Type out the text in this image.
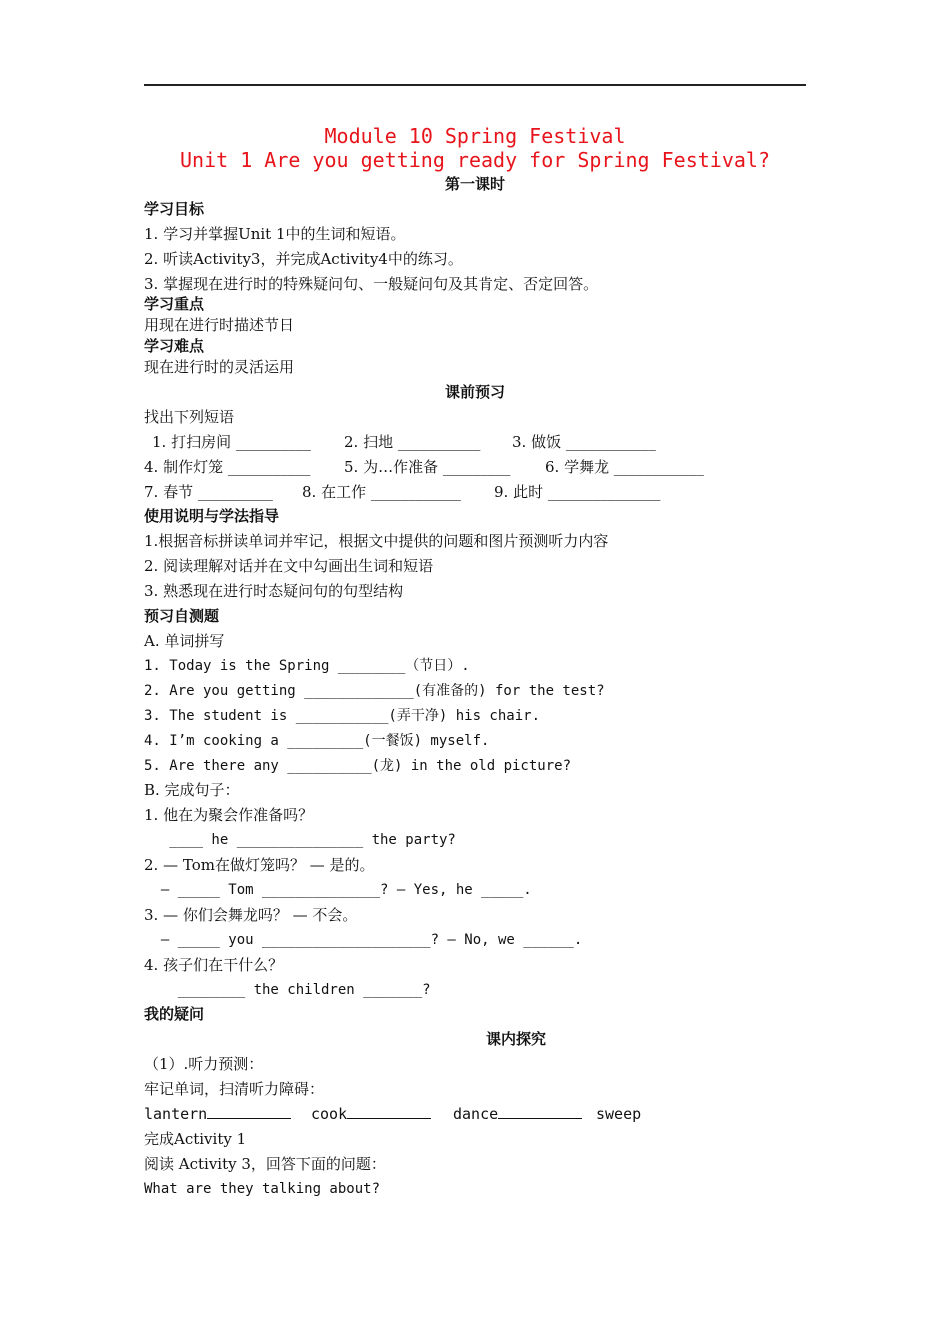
Module 10 Spring Festival
Unit 1 Are you getting ready for Spring Festival?
第一课时
学习目标
1. 学习并掌握Unit 1中的生词和短语。
2. 听读Activity3，并完成Activity4中的练习。
3. 掌握现在进行时的特殊疑问句、一般疑问句及其肯定、否定回答。
学习重点
用现在进行时描述节日
学习难点
现在进行时的灵活运用
课前预习
找出下列短语
1. 打扫房间 __________ 2. 扫地 ___________ 3. 做饭 ____________
4. 制作灯笼 ___________ 5. 为…作准备 _________ 6. 学舞龙 ____________
7. 春节 __________ 8. 在工作 ____________ 9. 此时 _______________
使用说明与学法指导
1.根据音标拼读单词并牢记，根据文中提供的问题和图片预测听力内容
2. 阅读理解对话并在文中勾画出生词和短语
3. 熟悉现在进行时态疑问句的句型结构
预习自测题
A. 单词拼写
1. Today is the Spring ________（节日）.
2. Are you getting _____________(有准备的) for the test?
3. The student is ___________(弄干净) his chair.
4. I’m cooking a _________(一餐饭) myself.
5. Are there any __________(龙) in the old picture?
B. 完成句子：
1. 他在为聚会作准备吗？
____ he _______________ the party?
2. — Tom在做灯笼吗？ — 是的。
— _____ Tom ______________? — Yes, he _____.
3. — 你们会舞龙吗？ — 不会。
— _____ you ____________________? — No, we ______.
4. 孩子们在干什么？
________ the children _______?
我的疑问
课内探究
（1）.听力预测：
牢记单词，扫清听力障碍：
lantern	cook	dance	sweep
完成Activity 1
阅读 Activity 3，回答下面的问题：
What are they talking about?
